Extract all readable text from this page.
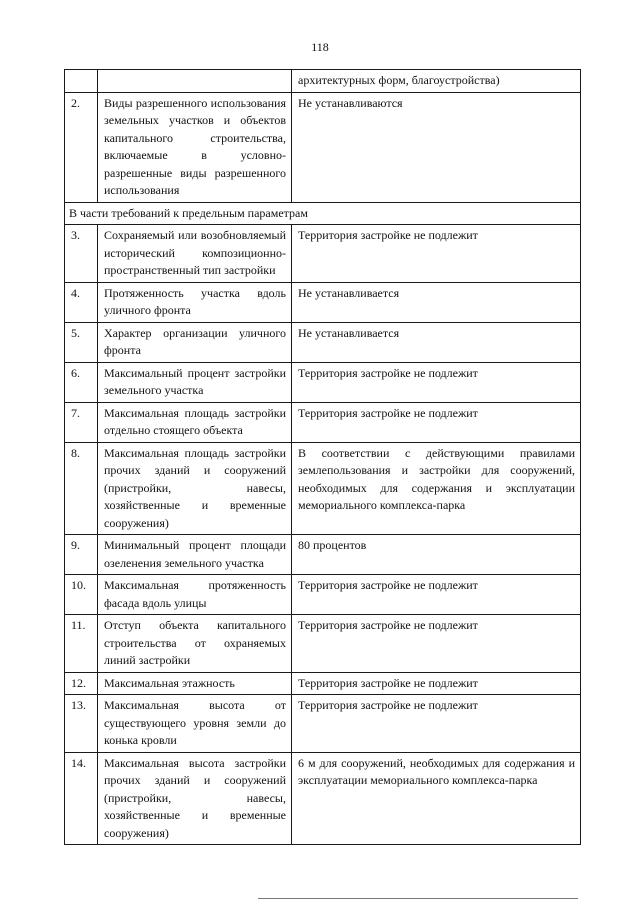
118
		архитектурных форм, благоустройства)
2.	Виды разрешенного использования земельных участков и объектов капитального строительства, включаемые в условно-разрешенные виды разрешенного использования	Не устанавливаются
В части требований к предельным параметрам		
3.	Сохраняемый или возобновляемый исторический композиционно-пространственный тип застройки	Территория застройке не подлежит
4.	Протяженность участка вдоль уличного фронта	Не устанавливается
5.	Характер организации уличного фронта	Не устанавливается
6.	Максимальный процент застройки земельного участка	Территория застройке не подлежит
7.	Максимальная площадь застройки отдельно стоящего объекта	Территория застройке не подлежит
8.	Максимальная площадь застройки прочих зданий и сооружений (пристройки, навесы, хозяйственные и временные сооружения)	В соответствии с действующими правилами землепользования и застройки для сооружений, необходимых для содержания и эксплуатации мемориального комплекса-парка
9.	Минимальный процент площади озеленения земельного участка	80 процентов
10.	Максимальная протяженность фасада вдоль улицы	Территория застройке не подлежит
11.	Отступ объекта капитального строительства от охраняемых линий застройки	Территория застройке не подлежит
12.	Максимальная этажность	Территория застройке не подлежит
13.	Максимальная высота от существующего уровня земли до конька кровли	Территория застройке не подлежит
14.	Максимальная высота застройки прочих зданий и сооружений (пристройки, навесы, хозяйственные и временные сооружения)	6 м для сооружений, необходимых для содержания и эксплуатации мемориального комплекса-парка
